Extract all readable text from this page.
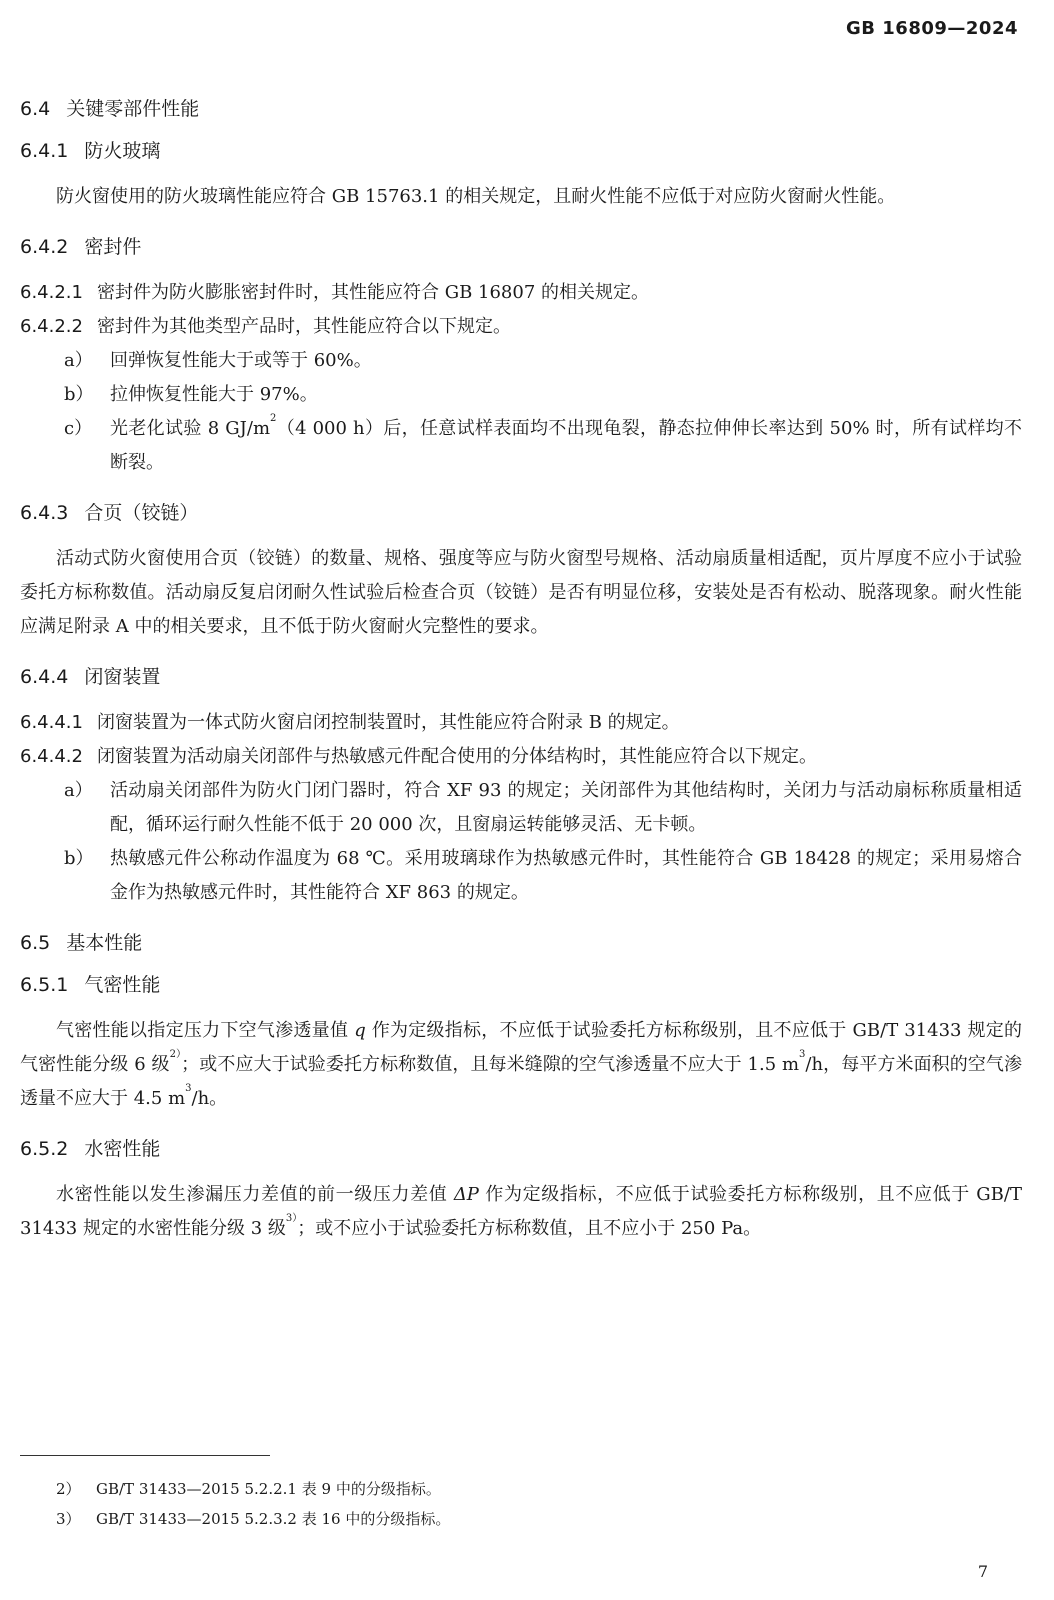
GB 16809—2024

6.4 关键零部件性能

6.4.1 防火玻璃

防火窗使用的防火玻璃性能应符合 GB 15763.1 的相关规定，且耐火性能不应低于对应防火窗耐火性能。

6.4.2 密封件

6.4.2.1 密封件为防火膨胀密封件时，其性能应符合 GB 16807 的相关规定。

6.4.2.2 密封件为其他类型产品时，其性能应符合以下规定。

a） 回弹恢复性能大于或等于 60%。

b） 拉伸恢复性能大于 97%。

c） 光老化试验 8 $GJ/m^2(4$ 000 h）后，任意试样表面均不出现龟裂，静态拉伸伸长率达到 50% 时，所有试样均不断裂。

6.4.3 合页（铰链）

活动式防火窗使用合页（铰链）的数量、规格、强度等应与防火窗型号规格、活动扇质量相适配，页片厚度不应小于试验委托方标称数值。活动扇反复启闭耐久性试验后检查合页（铰链）是否有明显位移，安装处是否有松动、脱落现象。耐火性能应满足附录 A 中的相关要求，且不低于防火窗耐火完整性的要求。

6.4.4 闭窗装置

6.4.4.1 闭窗装置为一体式防火窗启闭控制装置时，其性能应符合附录 B 的规定。

6.4.4.2 闭窗装置为活动扇关闭部件与热敏感元件配合使用的分体结构时，其性能应符合以下规定。

a） 活动扇关闭部件为防火门闭门器时，符合 XF 93 的规定；关闭部件为其他结构时，关闭力与活动扇标称质量相适配，循环运行耐久性能不低于 20 000 次，且窗扇运转能够灵活、无卡顿。

b） 热敏感元件公称动作温度为 68 ℃。采用玻璃球作为热敏感元件时，其性能符合 GB 18428 的规定；采用易熔合金作为热敏感元件时，其性能符合 XF 863 的规定。

6.5 基本性能

6.5.1 气密性能

气密性能以指定压力下空气渗透量值 q 作为定级指标，不应低于试验委托方标称级别，且不应低于 GB/T 31433 规定的气密性能分级 6 级$^{2)}$；或不应大于试验委托方标称数值，且每米缝隙的空气渗透量不应大于 1.5 $m^3/h$，每平方米面积的空气渗透量不应大于 4.5 $m^3/h$。

6.5.2 水密性能

水密性能以发生渗漏压力差值的前一级压力差值 ΔP 作为定级指标，不应低于试验委托方标称级别，且不应低于 GB/T 31433 规定的水密性能分级 3 级$^{3)}$；或不应小于试验委托方标称数值，且不应小于 250 Pa。

2） GB/T 31433—2015 5.2.2.1 表 9 中的分级指标。
3） GB/T 31433—2015 5.2.3.2 表 16 中的分级指标。
7
